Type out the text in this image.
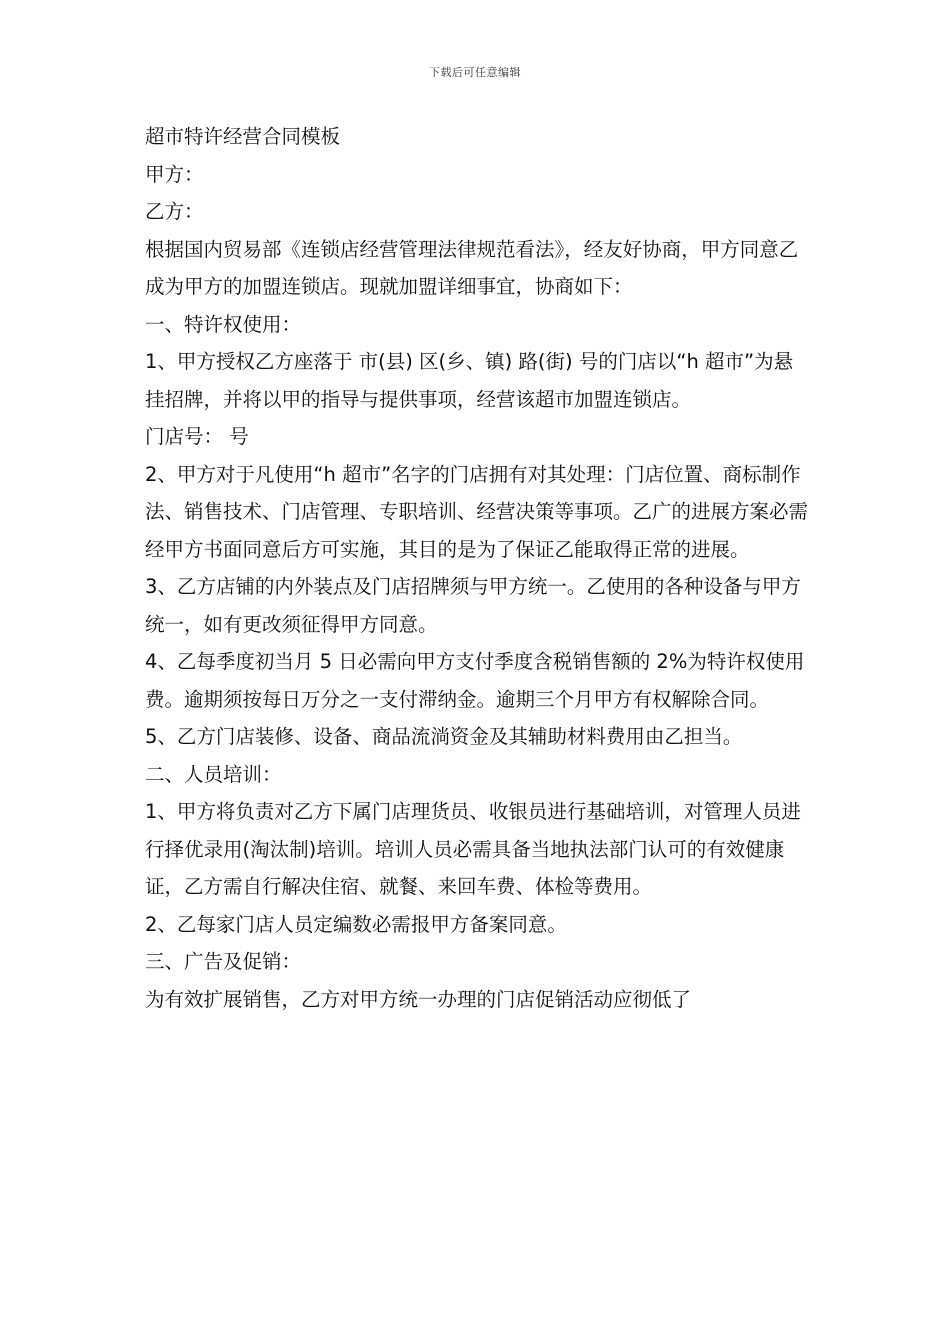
下载后可任意编辑
超市特许经营合同模板

甲方：

乙方：

根据国内贸易部《连锁店经营管理法律规范看法》，经友好协商，甲方同意乙成为甲方的加盟连锁店。现就加盟详细事宜，协商如下：

一、特许权使用：

1、甲方授权乙方座落于 市(县) 区(乡、镇) 路(街) 号的门店以“h 超市”为悬挂招牌，并将以甲的指导与提供事项，经营该超市加盟连锁店。

门店号： 号

2、甲方对于凡使用“h 超市”名字的门店拥有对其处理：门店位置、商标制作法、销售技术、门店管理、专职培训、经营决策等事项。乙广的进展方案必需经甲方书面同意后方可实施，其目的是为了保证乙能取得正常的进展。

3、乙方店铺的内外装点及门店招牌须与甲方统一。乙使用的各种设备与甲方统一，如有更改须征得甲方同意。

4、乙每季度初当月 5 日必需向甲方支付季度含税销售额的 2%为特许权使用费。逾期须按每日万分之一支付滞纳金。逾期三个月甲方有权解除合同。

5、乙方门店装修、设备、商品流淌资金及其辅助材料费用由乙担当。

二、人员培训：

1、甲方将负责对乙方下属门店理货员、收银员进行基础培训，对管理人员进行择优录用(淘汰制)培训。培训人员必需具备当地执法部门认可的有效健康证，乙方需自行解决住宿、就餐、来回车费、体检等费用。

2、乙每家门店人员定编数必需报甲方备案同意。

三、广告及促销：

为有效扩展销售，乙方对甲方统一办理的门店促销活动应彻低了
